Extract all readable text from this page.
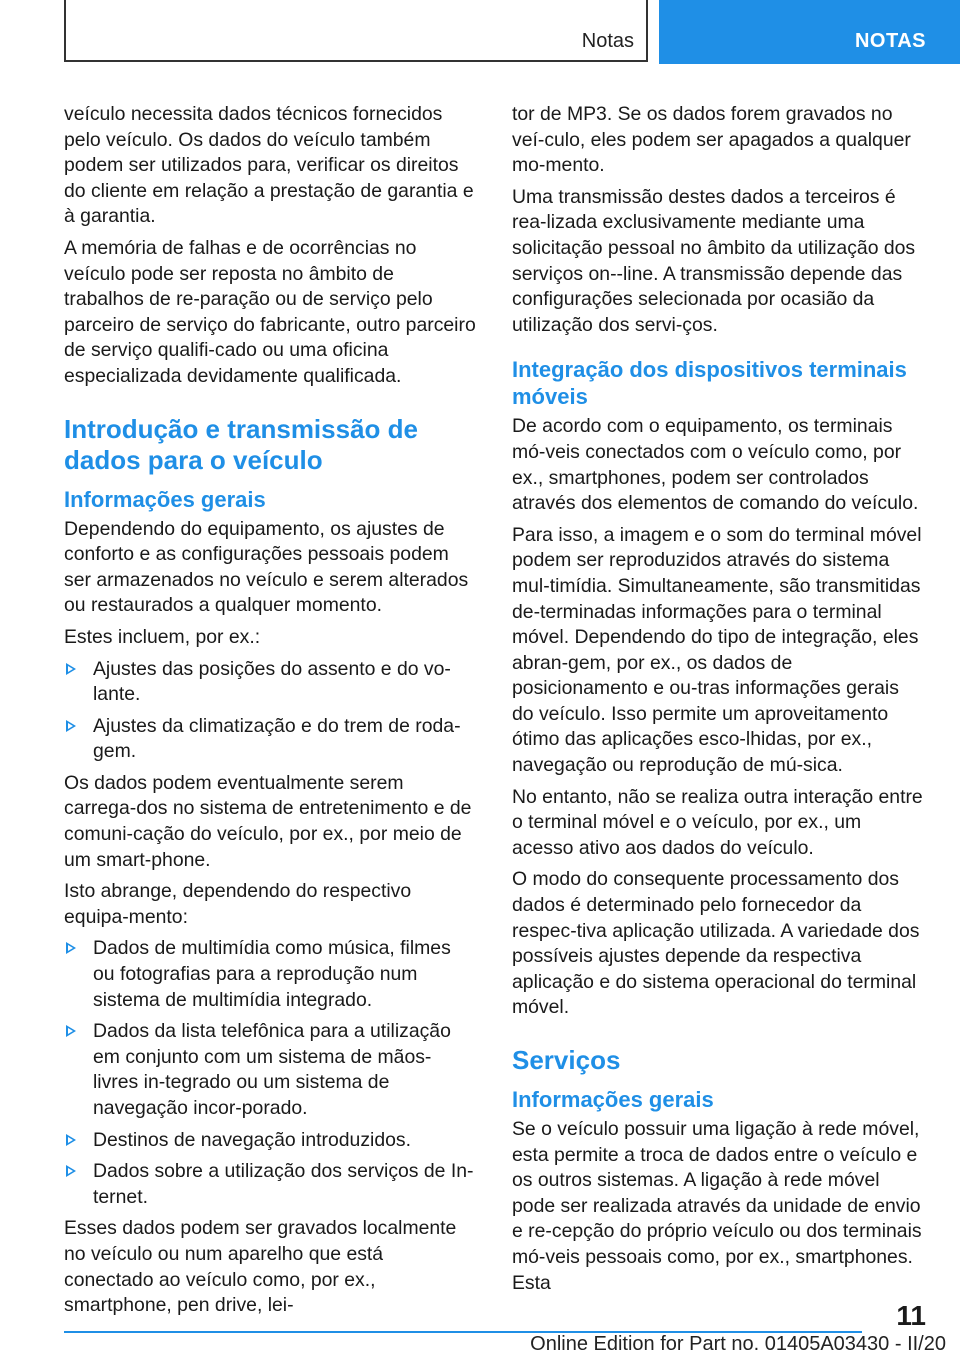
Notas	NOTAS

veículo necessita dados técnicos fornecidos pelo veículo. Os dados do veículo também podem ser utilizados para, verificar os direitos do cliente em relação a prestação de garantia e à garantia.

A memória de falhas e de ocorrências no veículo pode ser reposta no âmbito de trabalhos de re-paração ou de serviço pelo parceiro de serviço do fabricante, outro parceiro de serviço qualifi-cado ou uma oficina especializada devidamente qualificada.

Introdução e transmissão de dados para o veículo
Informações gerais

Dependendo do equipamento, os ajustes de conforto e as configurações pessoais podem ser armazenados no veículo e serem alterados ou restaurados a qualquer momento.

Estes incluem, por ex.:

Ajustes das posições do assento e do vo-lante.
Ajustes da climatização e do trem de roda-gem.

Os dados podem eventualmente serem carrega-dos no sistema de entretenimento e de comuni-cação do veículo, por ex., por meio de um smart-phone.

Isto abrange, dependendo do respectivo equipa-mento:

Dados de multimídia como música, filmes ou fotografias para a reprodução num sistema de multimídia integrado.
Dados da lista telefônica para a utilização em conjunto com um sistema de mãos-livres in-tegrado ou um sistema de navegação incor-porado.
Destinos de navegação introduzidos.
Dados sobre a utilização dos serviços de In-ternet.

Esses dados podem ser gravados localmente no veículo ou num aparelho que está conectado ao veículo como, por ex., smartphone, pen drive, lei-

tor de MP3. Se os dados forem gravados no veí-culo, eles podem ser apagados a qualquer mo-mento.

Uma transmissão destes dados a terceiros é rea-lizada exclusivamente mediante uma solicitação pessoal no âmbito da utilização dos serviços on--line. A transmissão depende das configurações selecionada por ocasião da utilização dos servi-ços.

Integração dos dispositivos terminais móveis

De acordo com o equipamento, os terminais mó-veis conectados com o veículo como, por ex., smartphones, podem ser controlados através dos elementos de comando do veículo.

Para isso, a imagem e o som do terminal móvel podem ser reproduzidos através do sistema mul-timídia. Simultaneamente, são transmitidas de-terminadas informações para o terminal móvel. Dependendo do tipo de integração, eles abran-gem, por ex., os dados de posicionamento e ou-tras informações gerais do veículo. Isso permite um aproveitamento ótimo das aplicações esco-lhidas, por ex., navegação ou reprodução de mú-sica.

No entanto, não se realiza outra interação entre o terminal móvel e o veículo, por ex., um acesso ativo aos dados do veículo.

O modo do consequente processamento dos dados é determinado pelo fornecedor da respec-tiva aplicação utilizada. A variedade dos possíveis ajustes depende da respectiva aplicação e do sistema operacional do terminal móvel.

Serviços
Informações gerais

Se o veículo possuir uma ligação à rede móvel, esta permite a troca de dados entre o veículo e os outros sistemas. A ligação à rede móvel pode ser realizada através da unidade de envio e re-cepção do próprio veículo ou dos terminais mó-veis pessoais como, por ex., smartphones. Esta

11
Online Edition for Part no. 01405A03430 - II/20
